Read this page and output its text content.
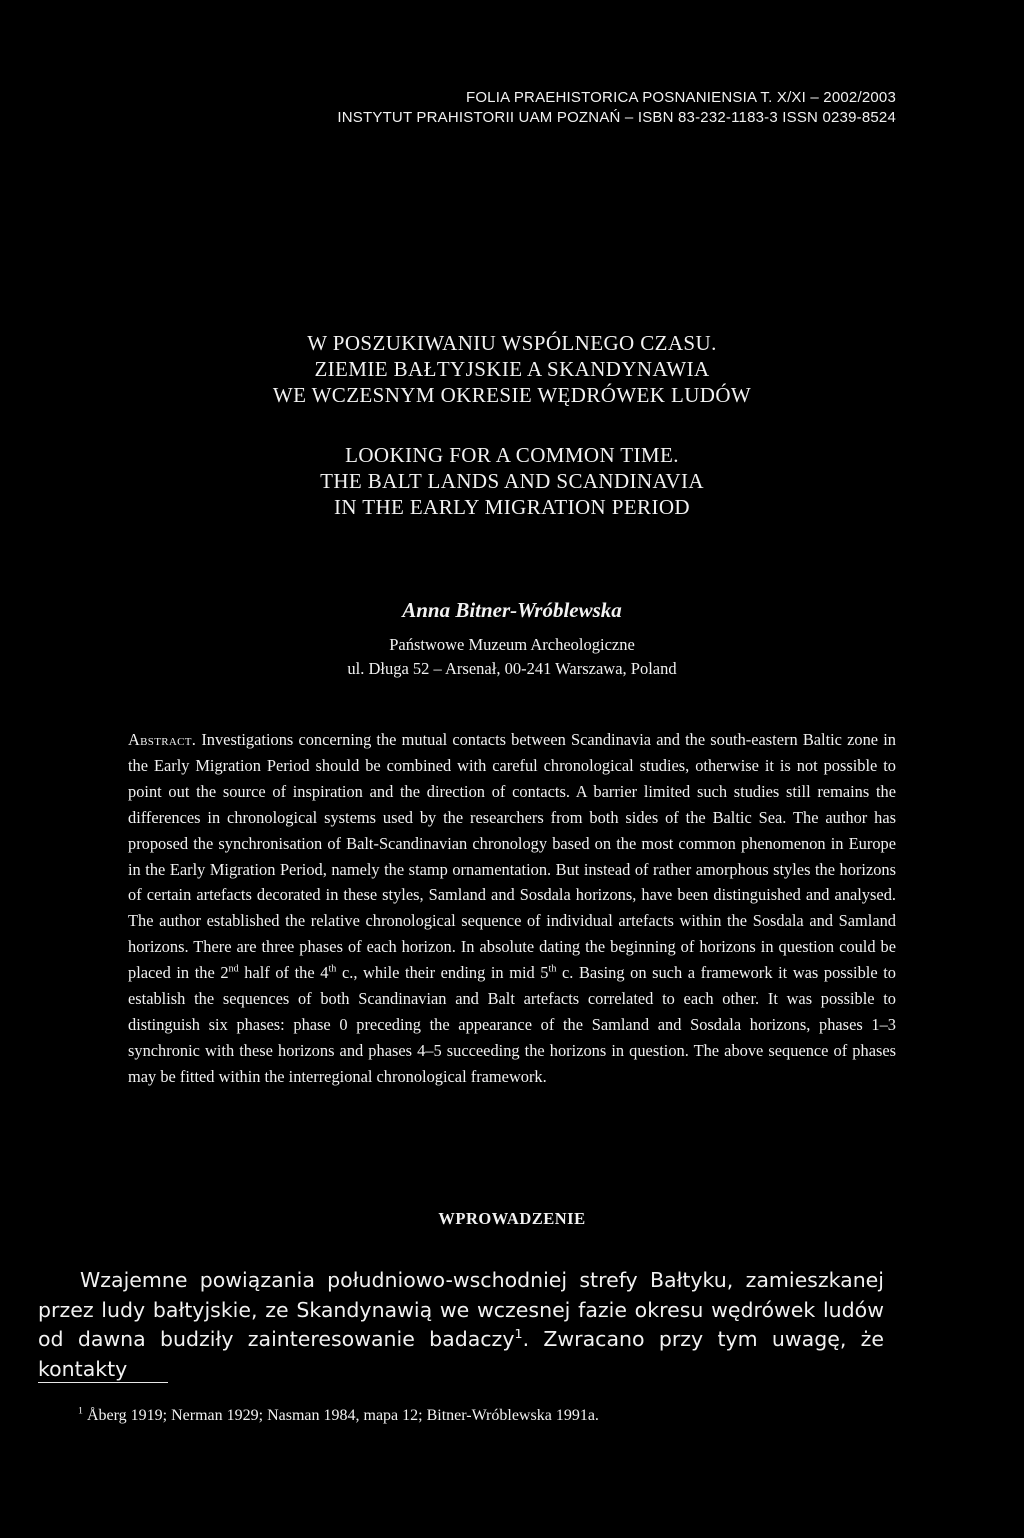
FOLIA PRAEHISTORICA POSNANIENSIA T. X/XI – 2002/2003
INSTYTUT PRAHISTORII UAM POZNAŃ – ISBN 83-232-1183-3 ISSN 0239-8524
W POSZUKIWANIU WSPÓLNEGO CZASU.
ZIEMIE BAŁTYJSKIE A SKANDYNAWIA
WE WCZESNYM OKRESIE WĘDRÓWEK LUDÓW
LOOKING FOR A COMMON TIME.
THE BALT LANDS AND SCANDINAVIA
IN THE EARLY MIGRATION PERIOD
Anna Bitner-Wróblewska
Państwowe Muzeum Archeologiczne
ul. Długa 52 – Arsenał, 00-241 Warszawa, Poland
Abstract. Investigations concerning the mutual contacts between Scandinavia and the south-eastern Baltic zone in the Early Migration Period should be combined with careful chronological studies, otherwise it is not possible to point out the source of inspiration and the direction of contacts. A barrier limited such studies still remains the differences in chronological systems used by the researchers from both sides of the Baltic Sea. The author has proposed the synchronisation of Balt-Scandinavian chronology based on the most common phenomenon in Europe in the Early Migration Period, namely the stamp ornamentation. But instead of rather amorphous styles the horizons of certain artefacts decorated in these styles, Samland and Sosdala horizons, have been distinguished and analysed. The author established the relative chronological sequence of individual artefacts within the Sosdala and Samland horizons. There are three phases of each horizon. In absolute dating the beginning of horizons in question could be placed in the 2nd half of the 4th c., while their ending in mid 5th c. Basing on such a framework it was possible to establish the sequences of both Scandinavian and Balt artefacts correlated to each other. It was possible to distinguish six phases: phase 0 preceding the appearance of the Samland and Sosdala horizons, phases 1–3 synchronic with these horizons and phases 4–5 succeeding the horizons in question. The above sequence of phases may be fitted within the interregional chronological framework.
WPROWADZENIE
Wzajemne powiązania południowo-wschodniej strefy Bałtyku, zamieszkanej przez ludy bałtyjskie, ze Skandynawią we wczesnej fazie okresu wędrówek ludów od dawna budziły zainteresowanie badaczy$^1$. Zwracano przy tym uwagę, że kontakty
$^1$ Åberg 1919; Nerman 1929; Nasman 1984, mapa 12; Bitner-Wróblewska 1991a.
